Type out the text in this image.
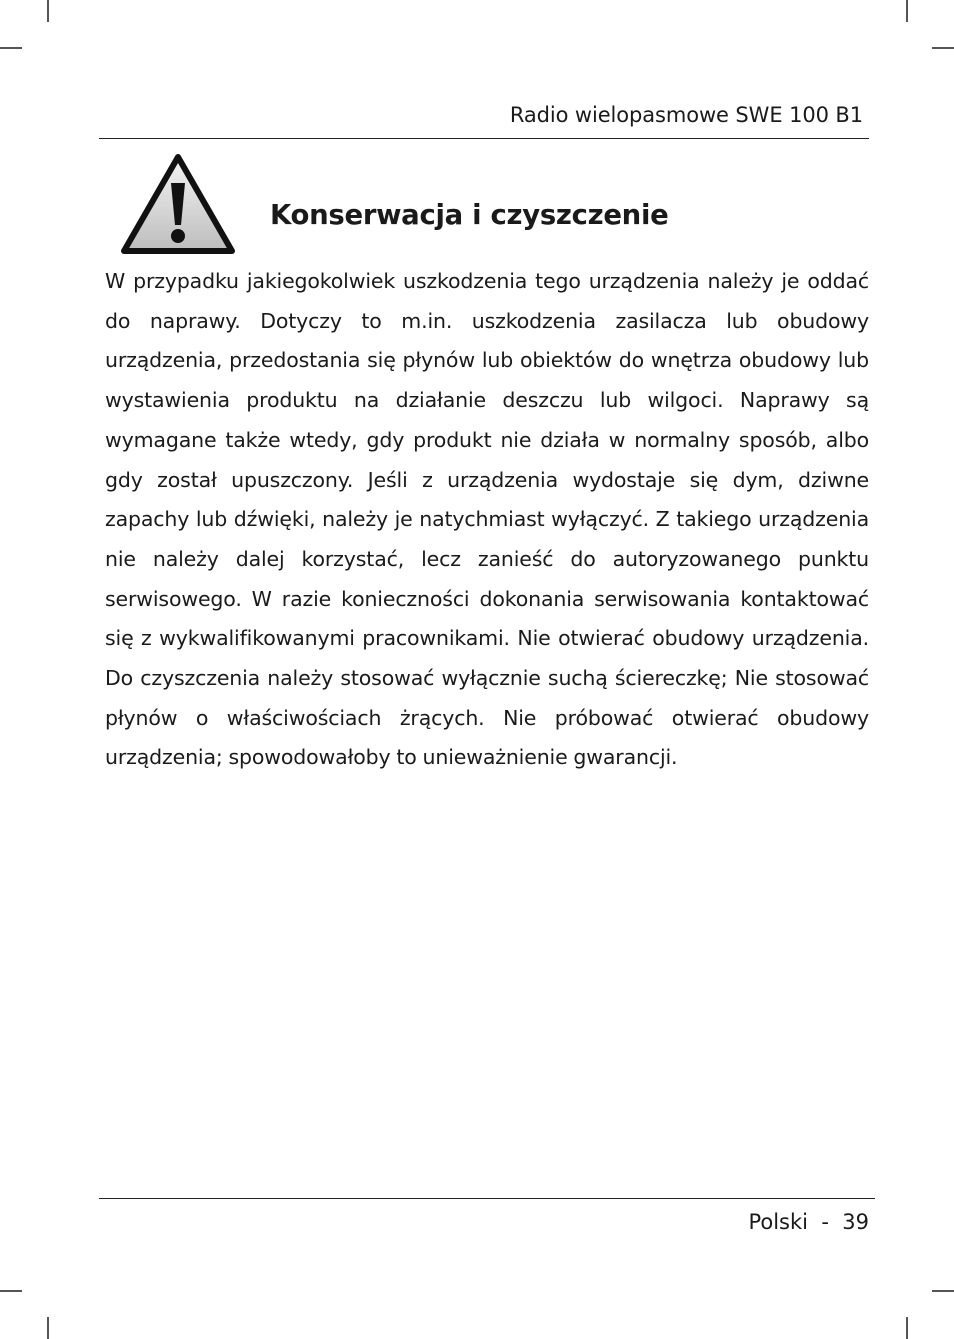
Radio wielopasmowe SWE 100 B1
Konserwacja i czyszczenie

W przypadku jakiegokolwiek uszkodzenia tego urządzenia należy je oddać do naprawy. Dotyczy to m.in. uszkodzenia zasilacza lub obudowy urządzenia, przedostania się płynów lub obiektów do wnętrza obudowy lub wystawienia produktu na działanie deszczu lub wilgoci. Naprawy są wymagane także wtedy, gdy produkt nie działa w normalny sposób, albo gdy został upuszczony. Jeśli z urządzenia wydostaje się dym, dziwne zapachy lub dźwięki, należy je natychmiast wyłączyć. Z takiego urządzenia nie należy dalej korzystać, lecz zanieść do autoryzowanego punktu serwisowego. W razie konieczności dokonania serwisowania kontaktować się z wykwalifikowanymi pracownikami. Nie otwierać obudowy urządzenia. Do czyszczenia należy stosować wyłącznie suchą ściereczkę; Nie stosować płynów o właściwościach żrących. Nie próbować otwierać obudowy urządzenia; spowodowałoby to unieważnienie gwarancji.

Polski  -  39
